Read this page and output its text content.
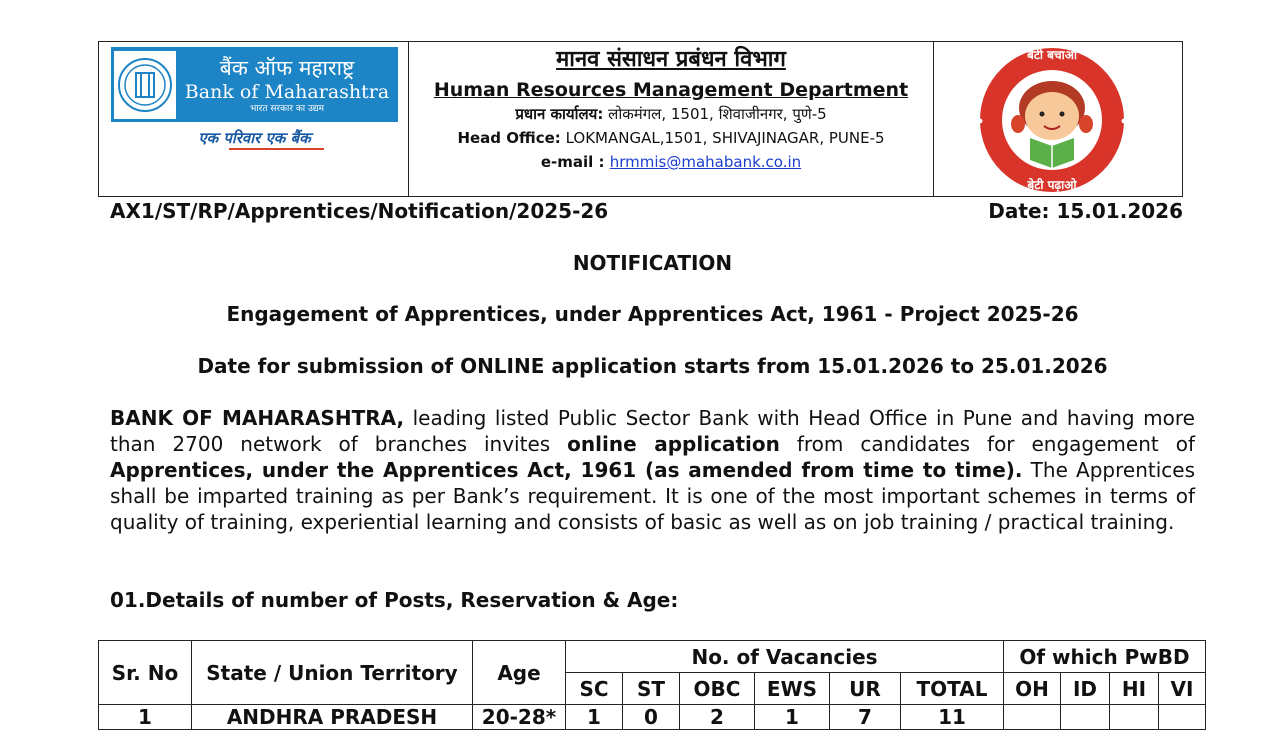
बैंक ऑफ महाराष्ट्र
Bank of Maharashtra
भारत सरकार का उद्यम
एक परिवार एक बैंक
मानव संसाधन प्रबंधन विभाग
Human Resources Management Department
प्रधान कार्यालय: लोकमंगल, 1501, शिवाजीनगर, पुणे-5
Head Office: LOKMANGAL,1501, SHIVAJINAGAR, PUNE-5
e-mail : hrmmis@mahabank.co.in
बेटी बचाओ
बेटी पढ़ाओ
AX1/ST/RP/Apprentices/Notification/2025-26	Date: 15.01.2026
NOTIFICATION
Engagement of Apprentices, under Apprentices Act, 1961 - Project 2025-26
Date for submission of ONLINE application starts from 15.01.2026 to 25.01.2026
BANK OF MAHARASHTRA, leading listed Public Sector Bank with Head Office in Pune and having more than 2700 network of branches invites online application from candidates for engagement of Apprentices, under the Apprentices Act, 1961 (as amended from time to time). The Apprentices shall be imparted training as per Bank’s requirement. It is one of the most important schemes in terms of quality of training, experiential learning and consists of basic as well as on job training / practical training.
01.Details of number of Posts, Reservation & Age:
Sr. No	State / Union Territory	Age	No. of Vacancies						Of which PwBD			
			SC	ST	OBC	EWS	UR	TOTAL	OH	ID	HI	VI
1	ANDHRA PRADESH	20-28*	1	0	2	1	7	11				
